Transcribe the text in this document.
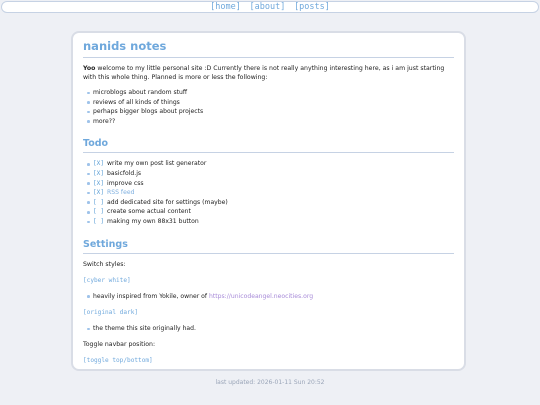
[home] [about] [posts]
nanids notes

Yoo welcome to my little personal site :D Currently there is not really anything interesting here, as i am just starting with this whole thing. Planned is more or less the following:

microblogs about random stuff
reviews of all kinds of things
perhaps bigger blogs about projects
more??
Todo
[X] write my own post list generator
[X] basicfold.js
[X] improve css
[X] RSS feed
[ ] add dedicated site for settings (maybe)
[ ] create some actual content
[ ] making my own 88x31 button
Settings

Switch styles:

[cyber white]
heavily inspired from Yokile, owner of https://unicodeangel.neocities.org
[original dark]
the theme this site originally had.

Toggle navbar position:

[toggle top/bottom]
last updated: 2026-01-11 Sun 20:52
